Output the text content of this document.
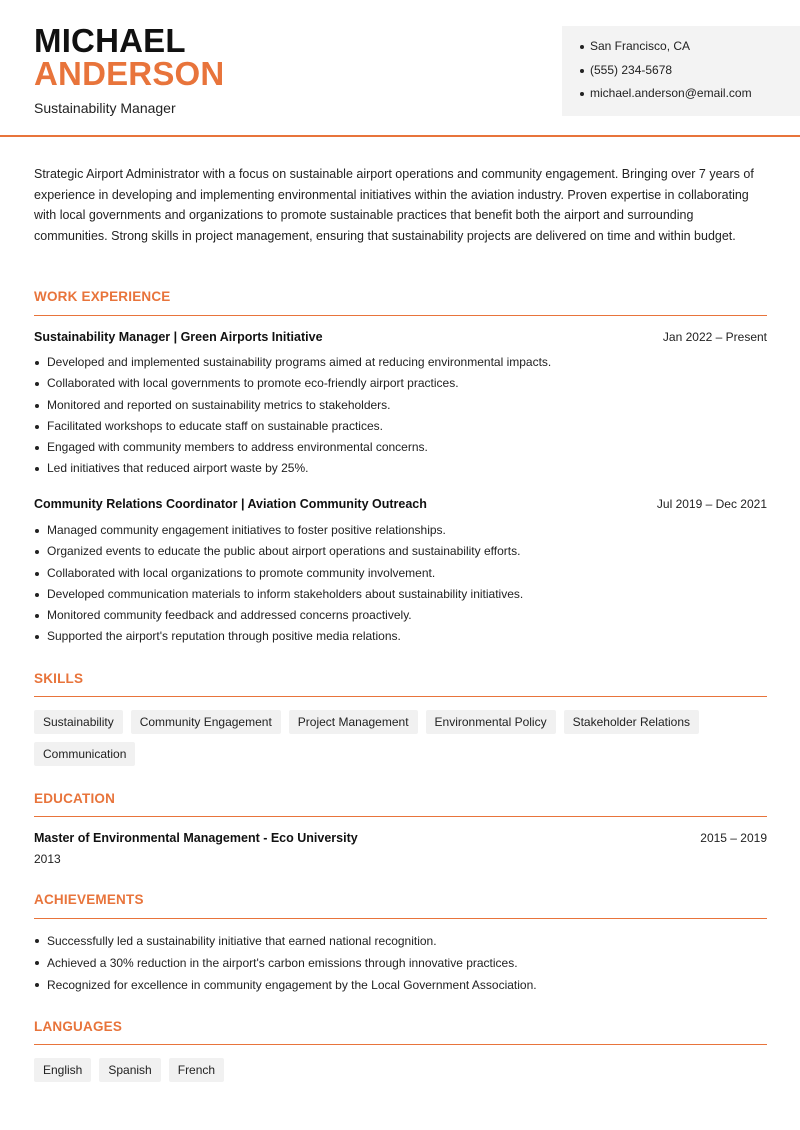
MICHAEL
ANDERSON
Sustainability Manager
San Francisco, CA
(555) 234-5678
michael.anderson@email.com

Strategic Airport Administrator with a focus on sustainable airport operations and community engagement. Bringing over 7 years of experience in developing and implementing environmental initiatives within the aviation industry. Proven expertise in collaborating with local governments and organizations to promote sustainable practices that benefit both the airport and surrounding communities. Strong skills in project management, ensuring that sustainability projects are delivered on time and within budget.

WORK EXPERIENCE
Sustainability Manager | Green Airports Initiative	Jan 2022 – Present
Developed and implemented sustainability programs aimed at reducing environmental impacts.
Collaborated with local governments to promote eco-friendly airport practices.
Monitored and reported on sustainability metrics to stakeholders.
Facilitated workshops to educate staff on sustainable practices.
Engaged with community members to address environmental concerns.
Led initiatives that reduced airport waste by 25%.
Community Relations Coordinator | Aviation Community Outreach	Jul 2019 – Dec 2021
Managed community engagement initiatives to foster positive relationships.
Organized events to educate the public about airport operations and sustainability efforts.
Collaborated with local organizations to promote community involvement.
Developed communication materials to inform stakeholders about sustainability initiatives.
Monitored community feedback and addressed concerns proactively.
Supported the airport's reputation through positive media relations.
SKILLS
Sustainability	Community Engagement	Project Management	Environmental Policy	Stakeholder Relations
Communication
EDUCATION
Master of Environmental Management - Eco University	2015 – 2019
2013
ACHIEVEMENTS
Successfully led a sustainability initiative that earned national recognition.
Achieved a 30% reduction in the airport's carbon emissions through innovative practices.
Recognized for excellence in community engagement by the Local Government Association.
LANGUAGES
English	Spanish	French
